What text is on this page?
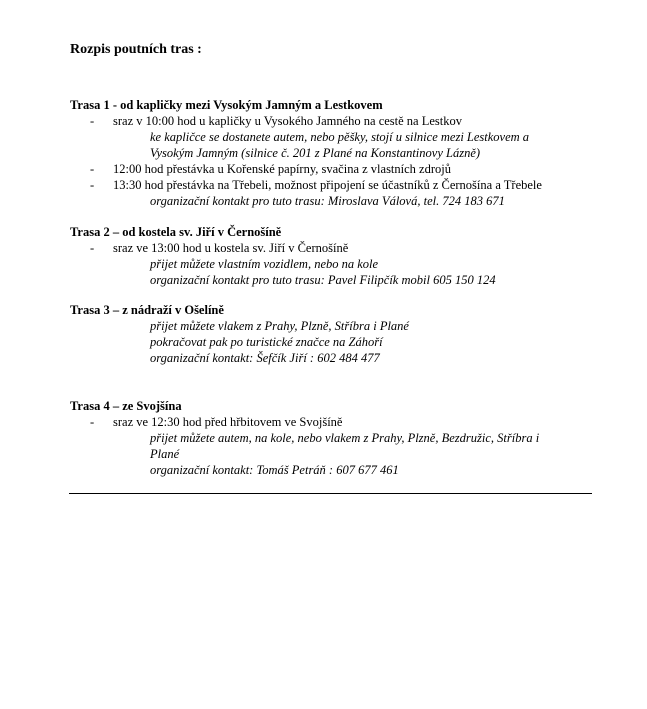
Rozpis poutních tras :

Trasa 1 - od kapličky mezi Vysokým Jamným a Lestkovem

- sraz v 10:00 hod u kapličky u Vysokého Jamného na cestě na Lestkov

ke kapličce se dostanete autem, nebo pěšky, stojí u silnice mezi Lestkovem a

Vysokým Jamným (silnice č. 201 z Plané na Konstantinovy Lázně)

- 12:00 hod přestávka u Kořenské papírny, svačina z vlastních zdrojů

- 13:30 hod přestávka na Třebeli, možnost připojení se účastníků z Černošína a Třebele

organizační kontakt pro tuto trasu: Miroslava Válová, tel. 724 183 671

Trasa 2 – od kostela sv. Jiří v Černošíně

- sraz ve 13:00 hod u kostela sv. Jiří v Černošíně

přijet můžete vlastním vozidlem, nebo na kole

organizační kontakt pro tuto trasu: Pavel Filipčík mobil 605 150 124

Trasa 3 – z nádraží v Ošelíně

přijet můžete vlakem z Prahy, Plzně, Stříbra i Plané

pokračovat pak po turistické značce na Záhoří

organizační kontakt: Šefčík Jiří : 602 484 477

Trasa 4 – ze Svojšína

- sraz ve 12:30 hod před hřbitovem ve Svojšíně

přijet můžete autem, na kole, nebo vlakem z Prahy, Plzně, Bezdružic, Stříbra i

Plané

organizační kontakt: Tomáš Petráň : 607 677 461
